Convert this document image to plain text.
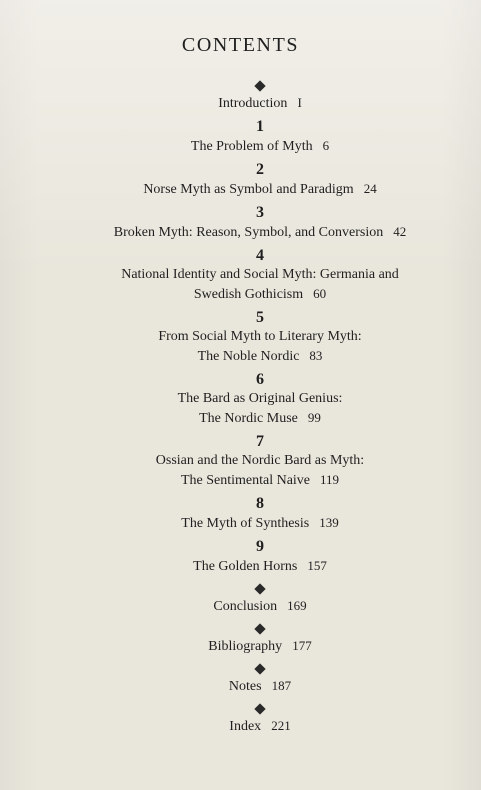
CONTENTS
Introduction I
1
The Problem of Myth 6
2
Norse Myth as Symbol and Paradigm 24
3
Broken Myth: Reason, Symbol, and Conversion 42
4
National Identity and Social Myth: Germania and
Swedish Gothicism 60
5
From Social Myth to Literary Myth:
The Noble Nordic 83
6
The Bard as Original Genius:
The Nordic Muse 99
7
Ossian and the Nordic Bard as Myth:
The Sentimental Naive 119
8
The Myth of Synthesis 139
9
The Golden Horns 157
Conclusion 169
Bibliography 177
Notes 187
Index 221
